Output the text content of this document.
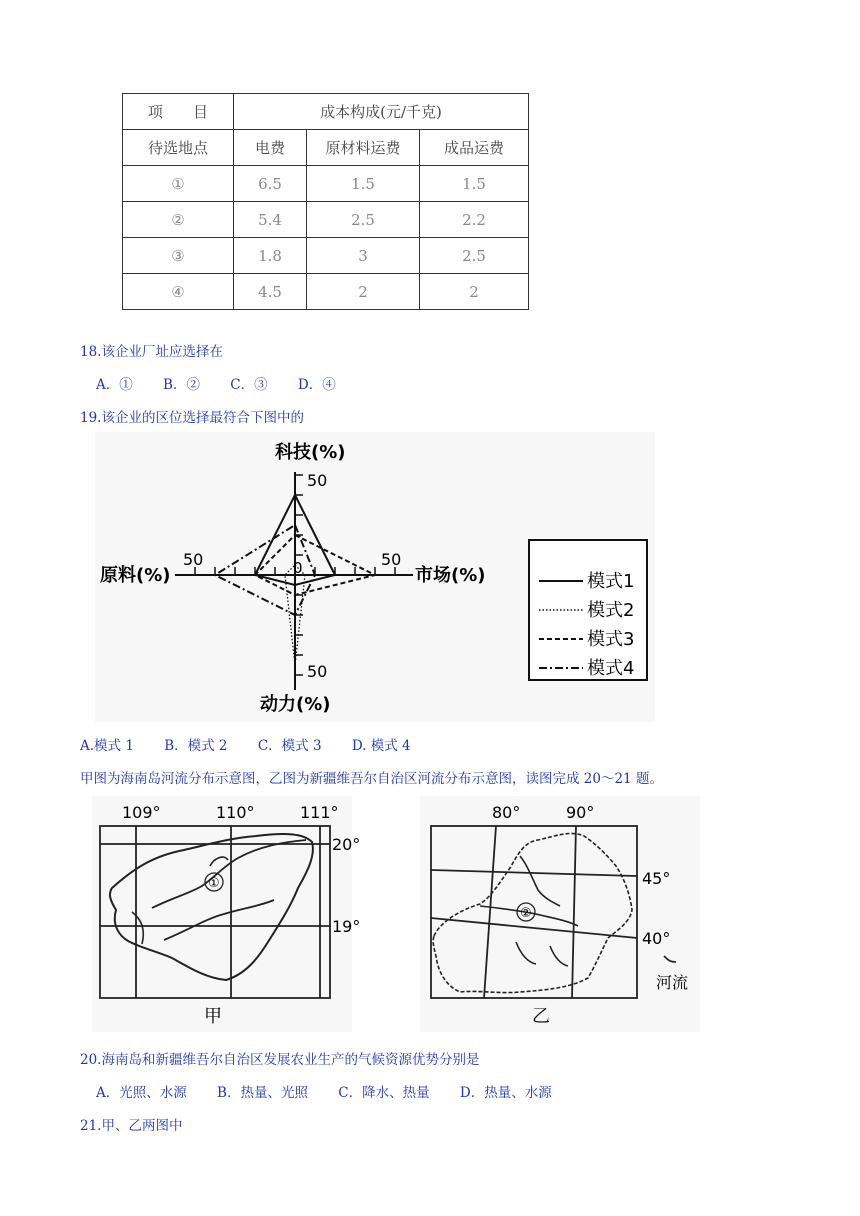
项　　目	成本构成(元/千克)		
待选地点	电费	原材料运费	成品运费
①	6.5	1.5	1.5
②	5.4	2.5	2.2
③	1.8	3	2.5
④	4.5	2	2
18.该企业厂址应选择在
A．① B．② C．③ D．④
19.该企业的区位选择最符合下图中的
科技(%)
原料(%)	市场(%)
动力(%)
50
50	50
50
0
模式1
模式2
模式3
模式4
A.模式 1 B．模式 2 C．模式 3 D. 模式 4
甲图为海南岛河流分布示意图，乙图为新疆维吾尔自治区河流分布示意图，读图完成 20～21 题。
109°	110°	111°
20°
19°
①
甲
80°	90°
45°
40°
②
河流
乙
20.海南岛和新疆维吾尔自治区发展农业生产的气候资源优势分别是
A．光照、水源 B．热量、光照 C．降水、热量 D．热量、水源
21.甲、乙两图中
